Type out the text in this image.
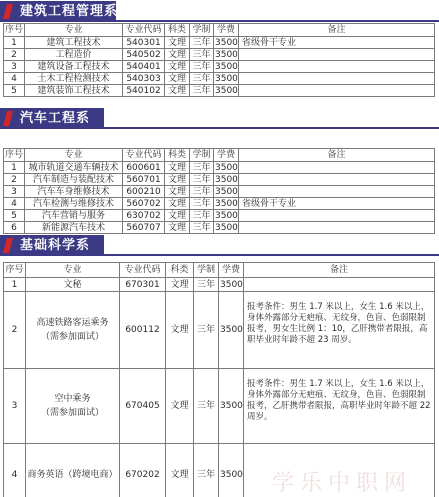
建筑工程管理系
序号	专业	专业代码	科类	学制	学费	备注
1	建筑工程技术	540301	文理	三年	3500	省级骨干专业
2	工程造价	540502	文理	三年	3500	
3	建筑设备工程技术	540401	文理	三年	3500	
4	土木工程检测技术	540303	文理	三年	3500	
5	建筑装饰工程技术	540102	文理	三年	3500	
汽车工程系
序号	专业	专业代码	科类	学制	学费	备注
1	城市轨道交通车辆技术	600601	文理	三年	3500	
2	汽车制造与装配技术	560701	文理	三年	3500	
3	汽车车身维修技术	600210	文理	三年	3500	
4	汽车检测与维修技术	560702	文理	三年	3500	省级骨干专业
5	汽车营销与服务	630702	文理	三年	3500	
6	新能源汽车技术	560707	文理	三年	3500	
基础科学系
序号	专业	专业代码	科类	学制	学费	备注
1	文秘	670301	文理	三年	3500	
2	高速铁路客运乘务
（需参加面试）	600112	文理	三年	3500	报考条件：男生 1.7 米以上，女生 1.6 米以上，身体外露部分无疤痕、无纹身，色盲、色弱限制报考，男女生比例 1：10，乙肝携带者限报，高职毕业时年龄不超 23 周岁。
3	空中乘务
（需参加面试）	670405	文理	三年	3500	报考条件：男生 1.7 米以上，女生 1.6 米以上，身体外露部分无疤痕、无纹身，色盲、色弱限制报考，乙肝携带者限报，高职毕业时年龄不超 22 周岁。
4	商务英语（跨境电商）	670202	文理	三年	3500	学乐中职网
